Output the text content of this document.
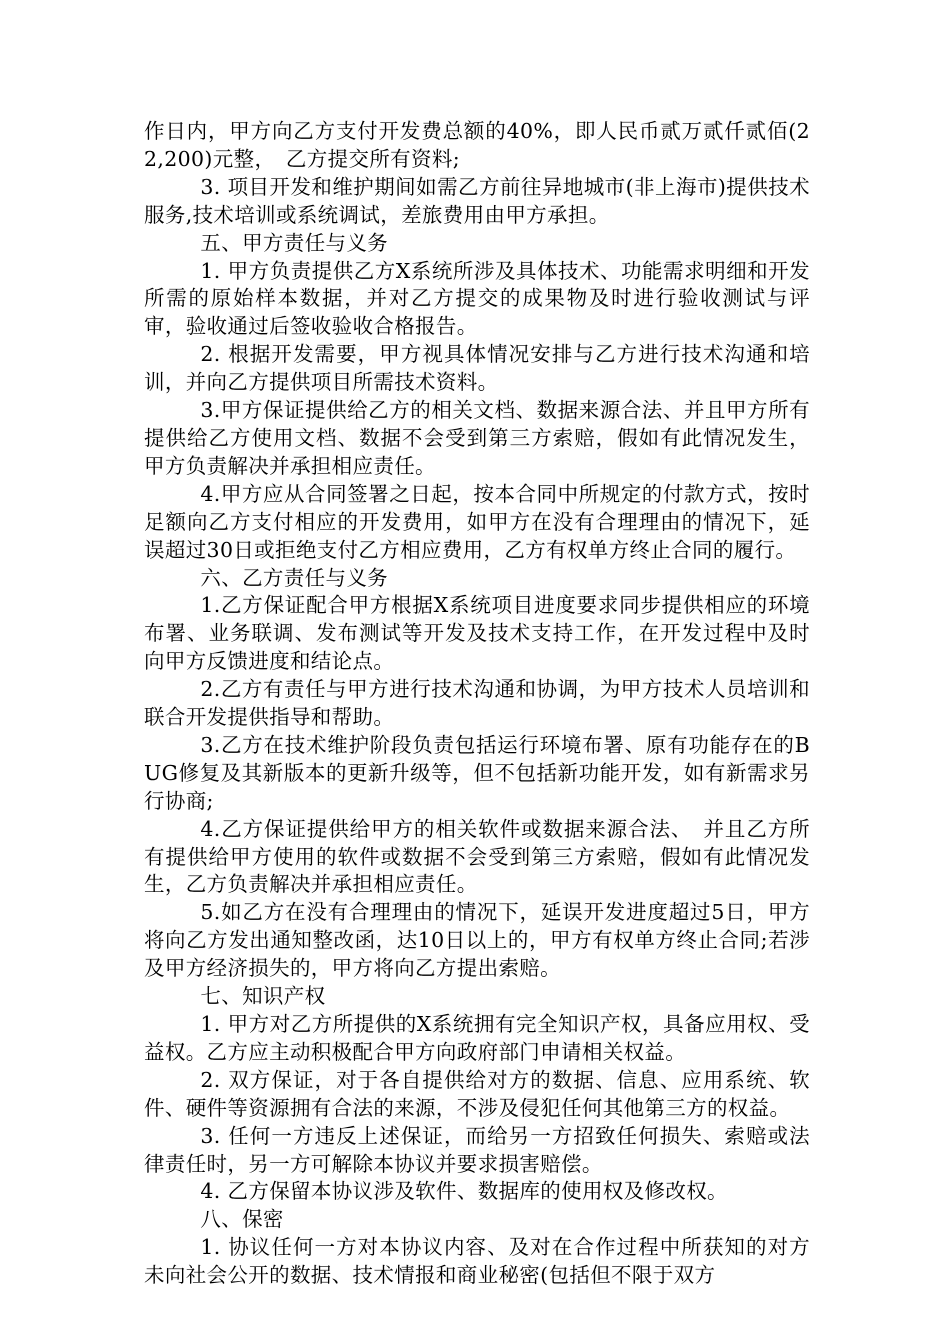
作日内，甲方向乙方支付开发费总额的40%，即人民币贰万贰仟贰佰(22,200)元整，　乙方提交所有资料;

3. 项目开发和维护期间如需乙方前往异地城市(非上海市)提供技术服务,技术培训或系统调试，差旅费用由甲方承担。

五、甲方责任与义务

1. 甲方负责提供乙方X系统所涉及具体技术、功能需求明细和开发所需的原始样本数据，并对乙方提交的成果物及时进行验收测试与评审，验收通过后签收验收合格报告。

2. 根据开发需要，甲方视具体情况安排与乙方进行技术沟通和培训，并向乙方提供项目所需技术资料。

3.甲方保证提供给乙方的相关文档、数据来源合法、并且甲方所有提供给乙方使用文档、数据不会受到第三方索赔，假如有此情况发生，甲方负责解决并承担相应责任。

4.甲方应从合同签署之日起，按本合同中所规定的付款方式，按时足额向乙方支付相应的开发费用，如甲方在没有合理理由的情况下，延误超过30日或拒绝支付乙方相应费用，乙方有权单方终止合同的履行。

六、乙方责任与义务

1.乙方保证配合甲方根据X系统项目进度要求同步提供相应的环境布署、业务联调、发布测试等开发及技术支持工作，在开发过程中及时向甲方反馈进度和结论点。

2.乙方有责任与甲方进行技术沟通和协调，为甲方技术人员培训和联合开发提供指导和帮助。

3.乙方在技术维护阶段负责包括运行环境布署、原有功能存在的BUG修复及其新版本的更新升级等，但不包括新功能开发，如有新需求另行协商;

4.乙方保证提供给甲方的相关软件或数据来源合法、　并且乙方所有提供给甲方使用的软件或数据不会受到第三方索赔，假如有此情况发生，乙方负责解决并承担相应责任。

5.如乙方在没有合理理由的情况下，延误开发进度超过5日，甲方将向乙方发出通知整改函，达10日以上的，甲方有权单方终止合同;若涉及甲方经济损失的，甲方将向乙方提出索赔。

七、知识产权

1. 甲方对乙方所提供的X系统拥有完全知识产权，具备应用权、受益权。乙方应主动积极配合甲方向政府部门申请相关权益。

2. 双方保证，对于各自提供给对方的数据、信息、应用系统、软件、硬件等资源拥有合法的来源，不涉及侵犯任何其他第三方的权益。

3. 任何一方违反上述保证，而给另一方招致任何损失、索赔或法律责任时，另一方可解除本协议并要求损害赔偿。

4. 乙方保留本协议涉及软件、数据库的使用权及修改权。

八、保密

1. 协议任何一方对本协议内容、及对在合作过程中所获知的对方未向社会公开的数据、技术情报和商业秘密(包括但不限于双方
